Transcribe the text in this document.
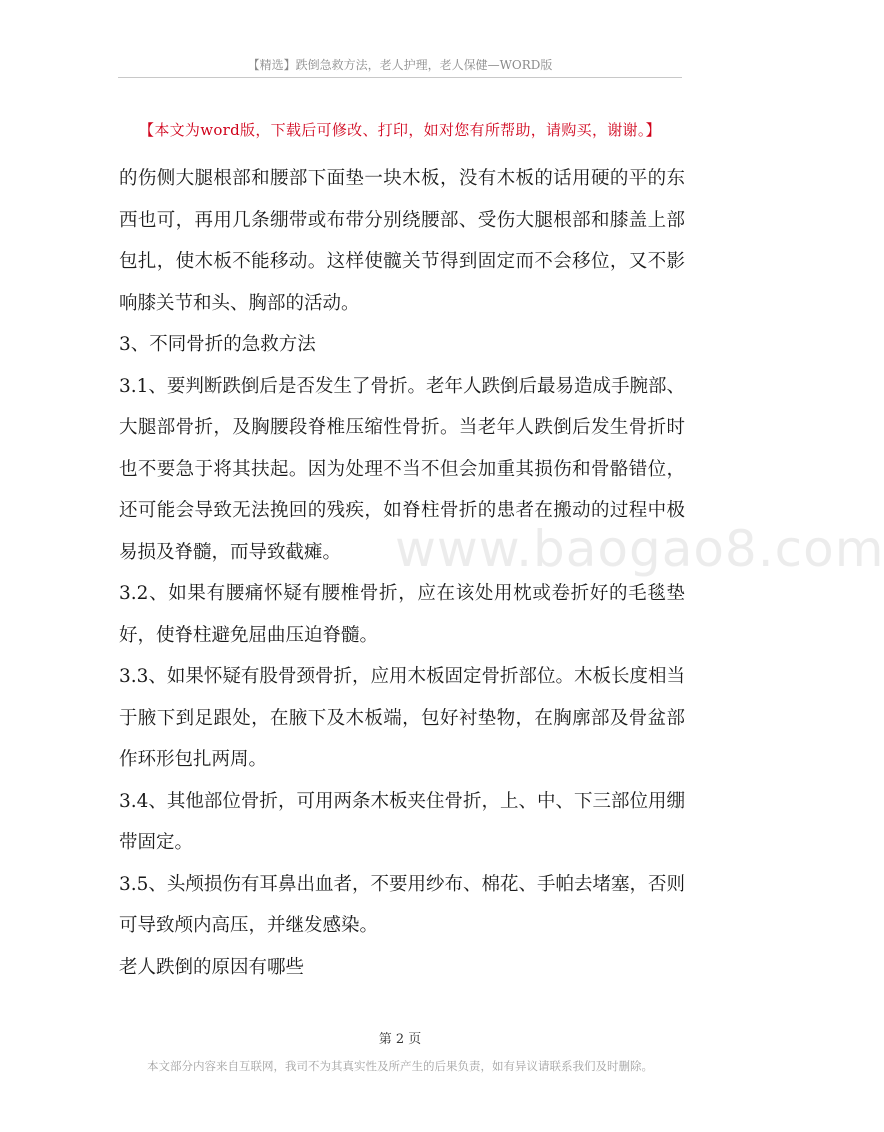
【精选】跌倒急救方法，老人护理，老人保健—WORD版
【本文为word版，下载后可修改、打印，如对您有所帮助，请购买，谢谢。】
www.baogao8.com

的伤侧大腿根部和腰部下面垫一块木板，没有木板的话用硬的平的东西也可，再用几条绷带或布带分别绕腰部、受伤大腿根部和膝盖上部包扎，使木板不能移动。这样使髋关节得到固定而不会移位，又不影响膝关节和头、胸部的活动。

3、不同骨折的急救方法

3.1、要判断跌倒后是否发生了骨折。老年人跌倒后最易造成手腕部、大腿部骨折，及胸腰段脊椎压缩性骨折。当老年人跌倒后发生骨折时也不要急于将其扶起。因为处理不当不但会加重其损伤和骨骼错位，还可能会导致无法挽回的残疾，如脊柱骨折的患者在搬动的过程中极易损及脊髓，而导致截瘫。

3.2、如果有腰痛怀疑有腰椎骨折，应在该处用枕或卷折好的毛毯垫好，使脊柱避免屈曲压迫脊髓。

3.3、如果怀疑有股骨颈骨折，应用木板固定骨折部位。木板长度相当于腋下到足跟处，在腋下及木板端，包好衬垫物，在胸廓部及骨盆部作环形包扎两周。

3.4、其他部位骨折，可用两条木板夹住骨折，上、中、下三部位用绷带固定。

3.5、头颅损伤有耳鼻出血者，不要用纱布、棉花、手帕去堵塞，否则可导致颅内高压，并继发感染。

老人跌倒的原因有哪些

第 2 页
本文部分内容来自互联网，我司不为其真实性及所产生的后果负责，如有异议请联系我们及时删除。
